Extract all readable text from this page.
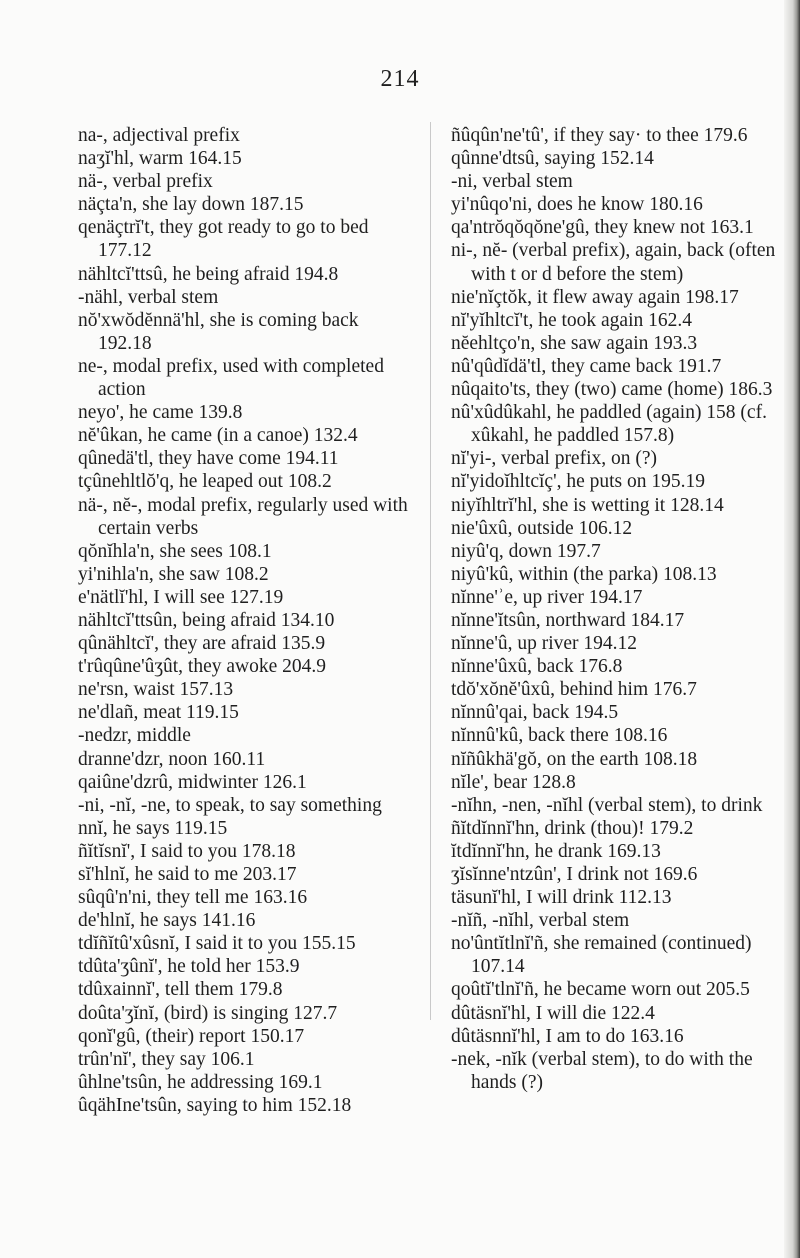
214
na-, adjectival prefix
naʒĭ'hl, warm 164.15
nä-, verbal prefix
näçta'n, she lay down 187.15
qenäçtrĭ't, they got ready to go to bed 177.12
nähltcĭ'ttsû, he being afraid 194.8
-nähl, verbal stem
nŏ'xwŏdĕnnä'hl, she is coming back 192.18
ne-, modal prefix, used with completed action
neyo', he came 139.8
nĕ'ûkan, he came (in a canoe) 132.4
qûnedä'tl, they have come 194.11
tçûnehltlŏ'q, he leaped out 108.2
nä-, nĕ-, modal prefix, regularly used with certain verbs
qŏnĭhla'n, she sees 108.1
yi'nihla'n, she saw 108.2
e'nätlĭ'hl, I will see 127.19
nähltcĭ'ttsûn, being afraid 134.10
qûnähltcĭ', they are afraid 135.9
t'rûqûne'ûʒût, they awoke 204.9
ne'rsn, waist 157.13
ne'dlañ, meat 119.15
-nedzr, middle
dranne'dzr, noon 160.11
qaiûne'dzrû, midwinter 126.1
-ni, -nĭ, -ne, to speak, to say something
nnĭ, he says 119.15
ñĭtĭsnĭ', I said to you 178.18
sĭ'hlnĭ, he said to me 203.17
sûqû'n'ni, they tell me 163.16
de'hlnĭ, he says 141.16
tdĭñĭtû'xûsnĭ, I said it to you 155.15
tdûta'ʒûnĭ', he told her 153.9
tdûxainnĭ', tell them 179.8
doûta'ʒĭnĭ, (bird) is singing 127.7
qonĭ'gû, (their) report 150.17
trûn'nĭ', they say 106.1
ûhlne'tsûn, he addressing 169.1
ûqähIne'tsûn, saying to him 152.18
ñûqûn'ne'tû', if they say· to thee 179.6
qûnne'dtsû, saying 152.14
-ni, verbal stem
yi'nûqo'ni, does he know 180.16
qa'ntrŏqŏqŏne'gû, they knew not 163.1
ni-, nĕ- (verbal prefix), again, back (often with t or d before the stem)
nie'nĭçtŏk, it flew away again 198.17
nĭ'yĭhltcĭ't, he took again 162.4
nĕehltço'n, she saw again 193.3
nû'qûdĭdä'tl, they came back 191.7
nûqaito'ts, they (two) came (home) 186.3
nû'xûdûkahl, he paddled (again) 158 (cf. xûkahl, he paddled 157.8)
nĭ'yi-, verbal prefix, on (?)
nĭ'yidoĭhltcĭç', he puts on 195.19
niyĭhltrĭ'hl, she is wetting it 128.14
nie'ûxû, outside 106.12
niyû'q, down 197.7
niyû'kû, within (the parka) 108.13
nĭnne'ʾe, up river 194.17
nĭnne'ĭtsûn, northward 184.17
nĭnne'û, up river 194.12
nĭnne'ûxû, back 176.8
tdŏ'xŏnĕ'ûxû, behind him 176.7
nĭnnû'qai, back 194.5
nĭnnû'kû, back there 108.16
nĭñûkhä'gŏ, on the earth 108.18
nĭle', bear 128.8
-nĭhn, -nen, -nĭhl (verbal stem), to drink
ñĭtdĭnnĭ'hn, drink (thou)! 179.2
ĭtdĭnnĭ'hn, he drank 169.13
ʒĭsĭnne'ntzûn', I drink not 169.6
täsunĭ'hl, I will drink 112.13
-nĭñ, -nĭhl, verbal stem
no'ûntĭtlnĭ'ñ, she remained (continued) 107.14
qoûtĭ'tlnĭ'ñ, he became worn out 205.5
dûtäsnĭ'hl, I will die 122.4
dûtäsnnĭ'hl, I am to do 163.16
-nek, -nĭk (verbal stem), to do with the hands (?)
